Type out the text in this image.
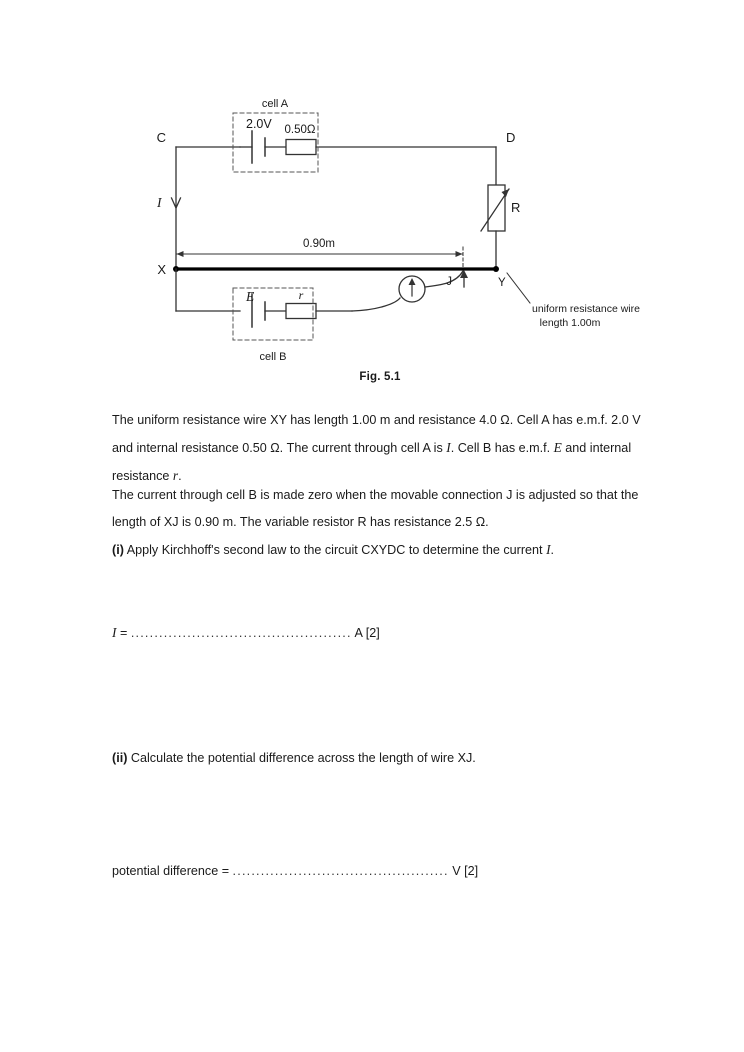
C	D
X
Y
J
I
cell A
2.0V 0.50Ω
R
0.90m
cell B
E	r
uniform resistance wire
length 1.00m
Fig. 5.1
The uniform resistance wire XY has length 1.00 m and resistance 4.0 Ω. Cell A has e.m.f. 2.0 V and internal resistance 0.50 Ω. The current through cell A is I. Cell B has e.m.f. E and internal resistance r.
The current through cell B is made zero when the movable connection J is adjusted so that the length of XJ is 0.90 m. The variable resistor R has resistance 2.5 Ω.
(i) Apply Kirchhoff's second law to the circuit CXYDC to determine the current I.
I = ............................................... A [2]
(ii) Calculate the potential difference across the length of wire XJ.
potential difference = .............................................. V [2]
